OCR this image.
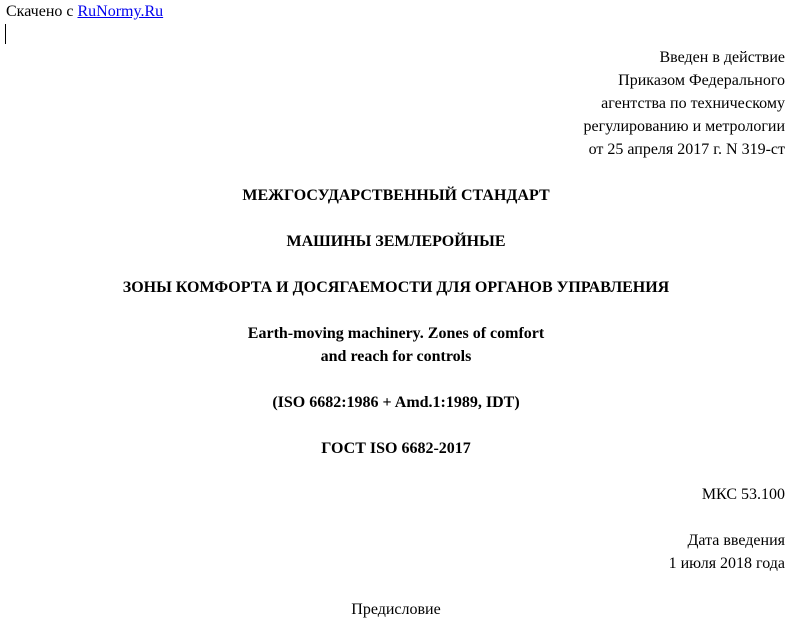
Скачено с RuNormy.Ru
Введен в действие
Приказом Федерального
агентства по техническому
регулированию и метрологии
от 25 апреля 2017 г. N 319-ст
МЕЖГОСУДАРСТВЕННЫЙ СТАНДАРТ
МАШИНЫ ЗЕМЛЕРОЙНЫЕ
ЗОНЫ КОМФОРТА И ДОСЯГАЕМОСТИ ДЛЯ ОРГАНОВ УПРАВЛЕНИЯ
Earth-moving machinery. Zones of comfort
and reach for controls
(ISO 6682:1986 + Amd.1:1989, IDT)
ГОСТ ISO 6682-2017
МКС 53.100
Дата введения
1 июля 2018 года
Предисловие
